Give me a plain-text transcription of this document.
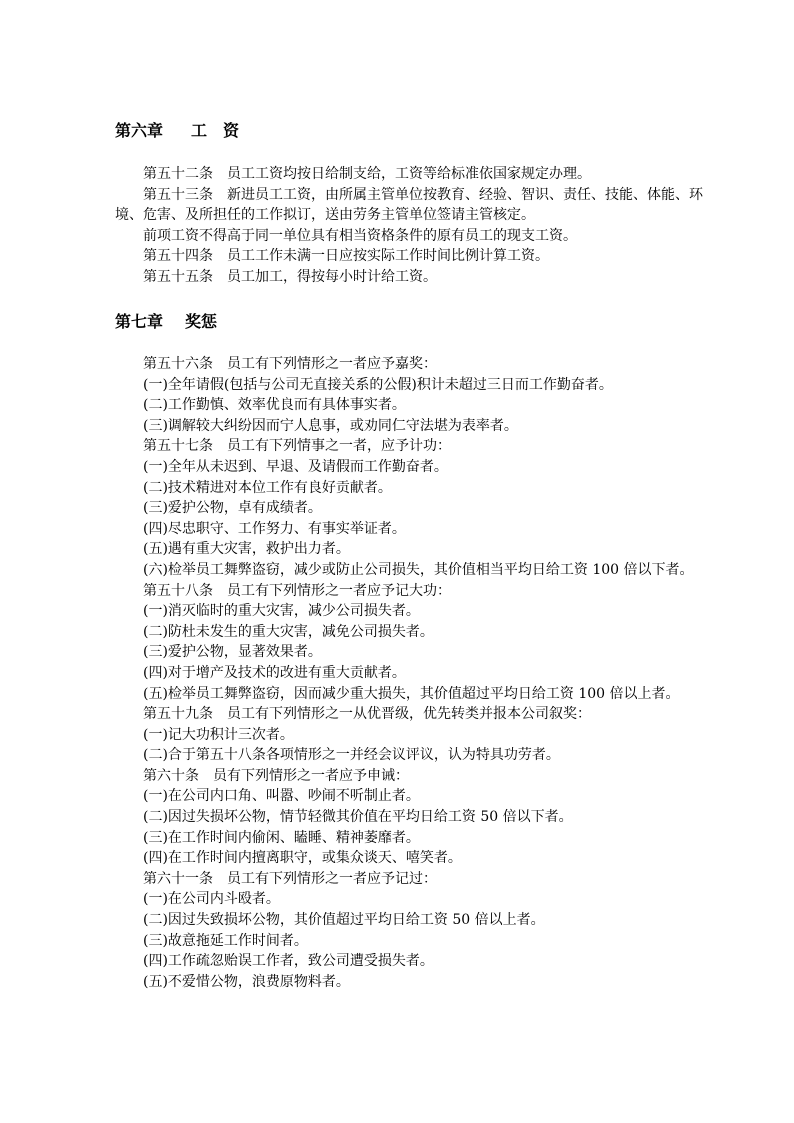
第六章 工　资

第五十二条　员工工资均按日给制支给，工资等给标准依国家规定办理。

第五十三条　新进员工工资，由所属主管单位按教育、经验、智识、责任、技能、体能、环境、危害、及所担任的工作拟订，送由劳务主管单位签请主管核定。

前项工资不得高于同一单位具有相当资格条件的原有员工的现支工资。

第五十四条　员工工作未满一日应按实际工作时间比例计算工资。

第五十五条　员工加工，得按每小时计给工资。

第七章 奖惩

第五十六条　员工有下列情形之一者应予嘉奖：

(一)全年请假(包括与公司无直接关系的公假)积计未超过三日而工作勤奋者。

(二)工作勤慎、效率优良而有具体事实者。

(三)调解较大纠纷因而宁人息事，或劝同仁守法堪为表率者。

第五十七条　员工有下列情事之一者，应予计功：

(一)全年从未迟到、早退、及请假而工作勤奋者。

(二)技术精进对本位工作有良好贡献者。

(三)爱护公物，卓有成绩者。

(四)尽忠职守、工作努力、有事实举证者。

(五)遇有重大灾害，救护出力者。

(六)检举员工舞弊盗窃，减少或防止公司损失，其价值相当平均日给工资 100 倍以下者。

第五十八条　员工有下列情形之一者应予记大功：

(一)消灭临时的重大灾害，减少公司损失者。

(二)防杜未发生的重大灾害，减免公司损失者。

(三)爱护公物，显著效果者。

(四)对于增产及技术的改进有重大贡献者。

(五)检举员工舞弊盗窃，因而减少重大损失，其价值超过平均日给工资 100 倍以上者。

第五十九条　员工有下列情形之一从优晋级，优先转类并报本公司叙奖：

(一)记大功积计三次者。

(二)合于第五十八条各项情形之一并经会议评议，认为特具功劳者。

第六十条　员有下列情形之一者应予申诫：

(一)在公司内口角、叫嚣、吵闹不听制止者。

(二)因过失损坏公物，情节轻微其价值在平均日给工资 50 倍以下者。

(三)在工作时间内偷闲、瞌睡、精神萎靡者。

(四)在工作时间内擅离职守，或集众谈天、嘻笑者。

第六十一条　员工有下列情形之一者应予记过：

(一)在公司内斗殴者。

(二)因过失致损坏公物，其价值超过平均日给工资 50 倍以上者。

(三)故意拖延工作时间者。

(四)工作疏忽贻误工作者，致公司遭受损失者。

(五)不爱惜公物，浪费原物料者。
